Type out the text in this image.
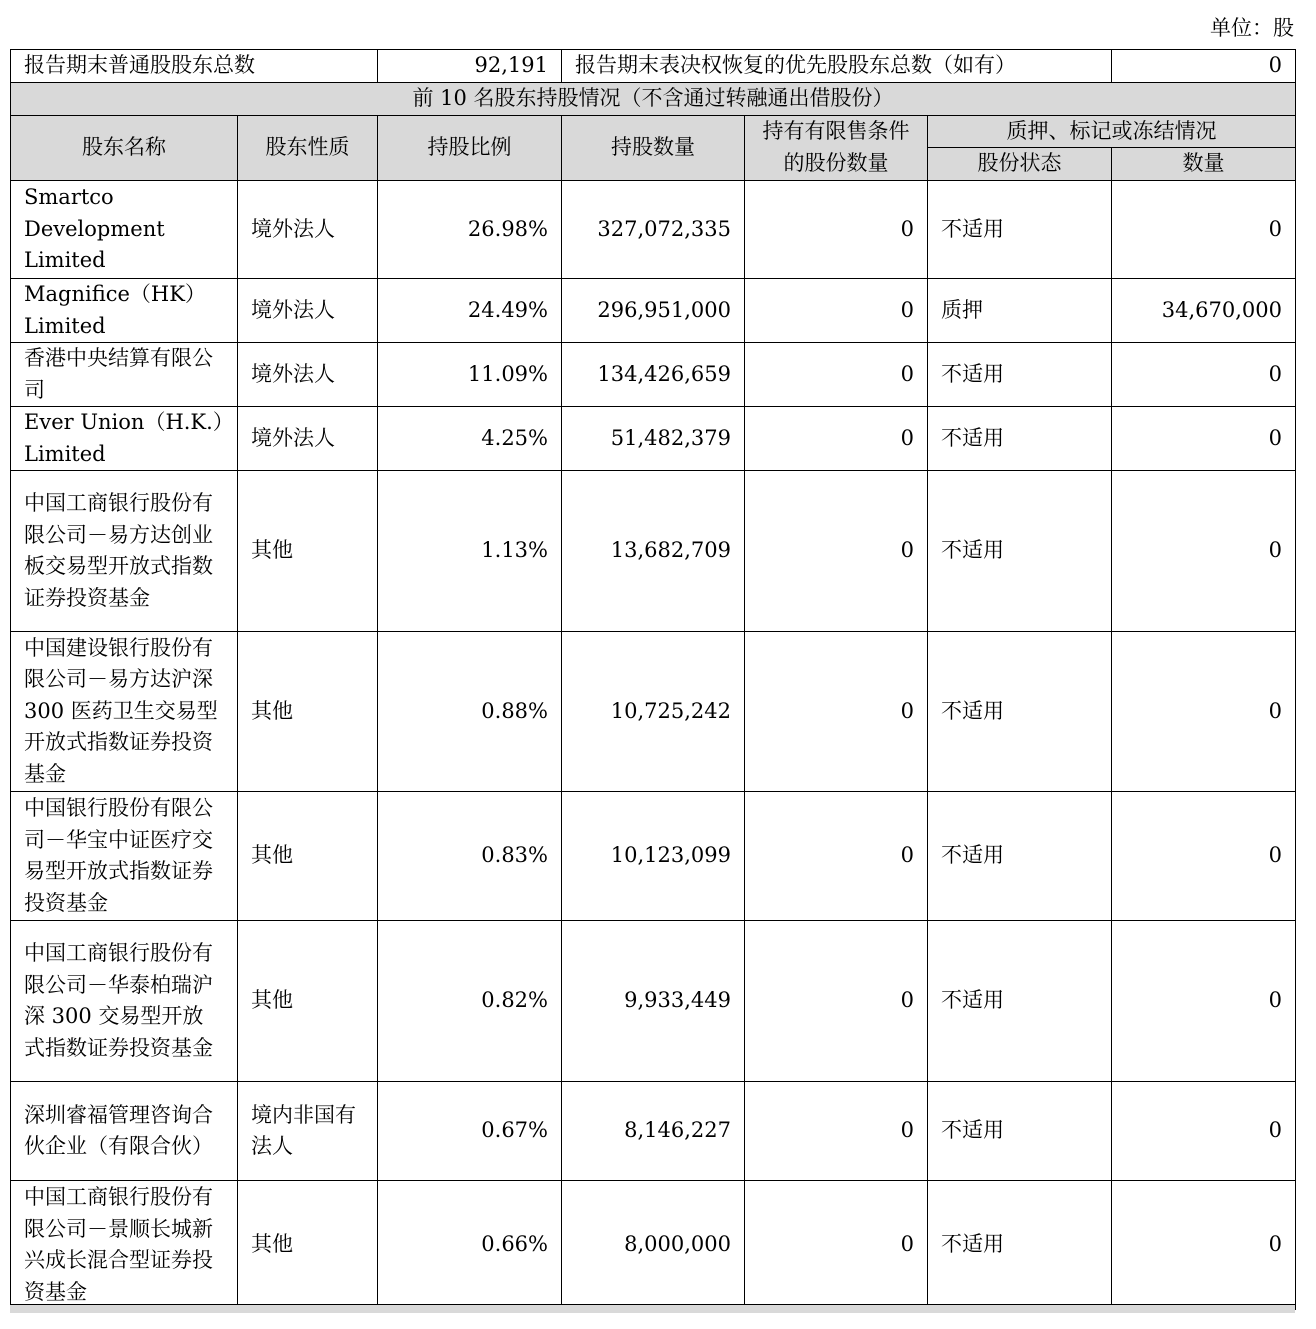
单位：股
报告期末普通股股东总数		92,191	报告期末表决权恢复的优先股股东总数（如有）			0
前 10 名股东持股情况（不含通过转融通出借股份）						
股东名称	股东性质	持股比例	持股数量	持有有限售条件的股份数量	质押、标记或冻结情况	
					股份状态	数量
Smartco Development Limited	境外法人	26.98%	327,072,335	0	不适用	0
Magnifice（HK）Limited	境外法人	24.49%	296,951,000	0	质押	34,670,000
香港中央结算有限公司	境外法人	11.09%	134,426,659	0	不适用	0
Ever Union（H.K.）Limited	境外法人	4.25%	51,482,379	0	不适用	0
中国工商银行股份有限公司－易方达创业板交易型开放式指数证券投资基金	其他	1.13%	13,682,709	0	不适用	0
中国建设银行股份有限公司－易方达沪深 300 医药卫生交易型开放式指数证券投资基金	其他	0.88%	10,725,242	0	不适用	0
中国银行股份有限公司－华宝中证医疗交易型开放式指数证券投资基金	其他	0.83%	10,123,099	0	不适用	0
中国工商银行股份有限公司－华泰柏瑞沪深 300 交易型开放式指数证券投资基金	其他	0.82%	9,933,449	0	不适用	0
深圳睿福管理咨询合伙企业（有限合伙）	境内非国有法人	0.67%	8,146,227	0	不适用	0
中国工商银行股份有限公司－景顺长城新兴成长混合型证券投资基金	其他	0.66%	8,000,000	0	不适用	0
